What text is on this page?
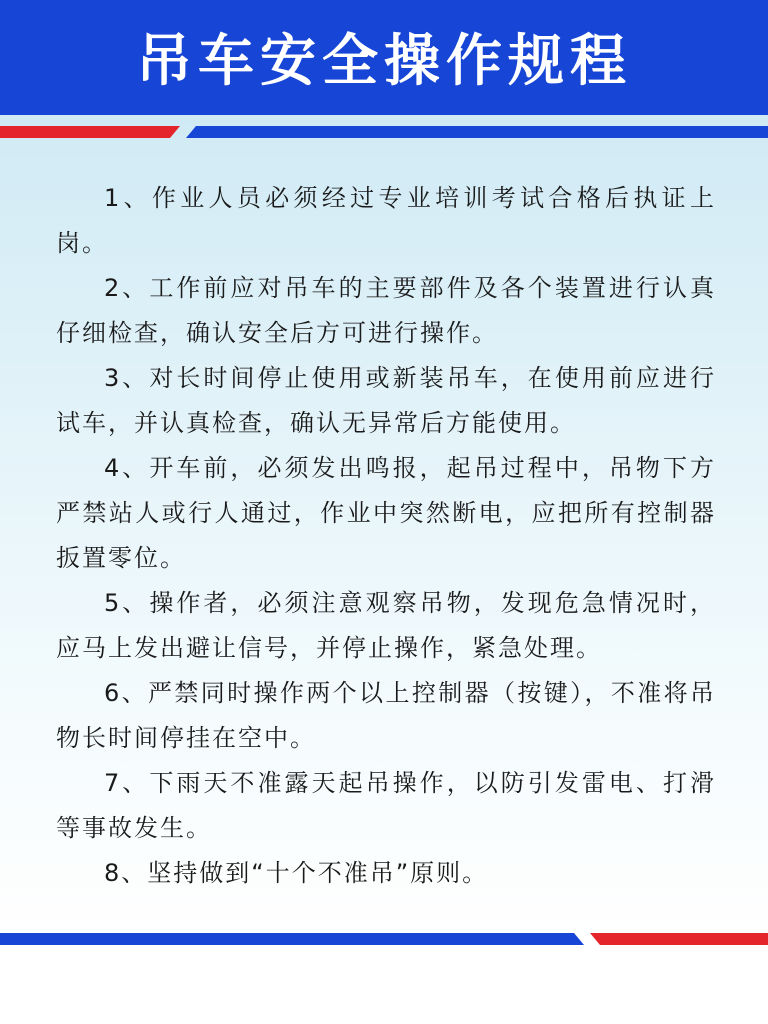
吊车安全操作规程

1、作业人员必须经过专业培训考试合格后执证上岗。

2、工作前应对吊车的主要部件及各个装置进行认真仔细检查，确认安全后方可进行操作。

3、对长时间停止使用或新装吊车，在使用前应进行试车，并认真检查，确认无异常后方能使用。

4、开车前，必须发出鸣报，起吊过程中，吊物下方严禁站人或行人通过，作业中突然断电，应把所有控制器扳置零位。

5、操作者，必须注意观察吊物，发现危急情况时，应马上发出避让信号，并停止操作，紧急处理。

6、严禁同时操作两个以上控制器（按键），不准将吊物长时间停挂在空中。

7、下雨天不准露天起吊操作，以防引发雷电、打滑等事故发生。

8、坚持做到“十个不准吊”原则。
